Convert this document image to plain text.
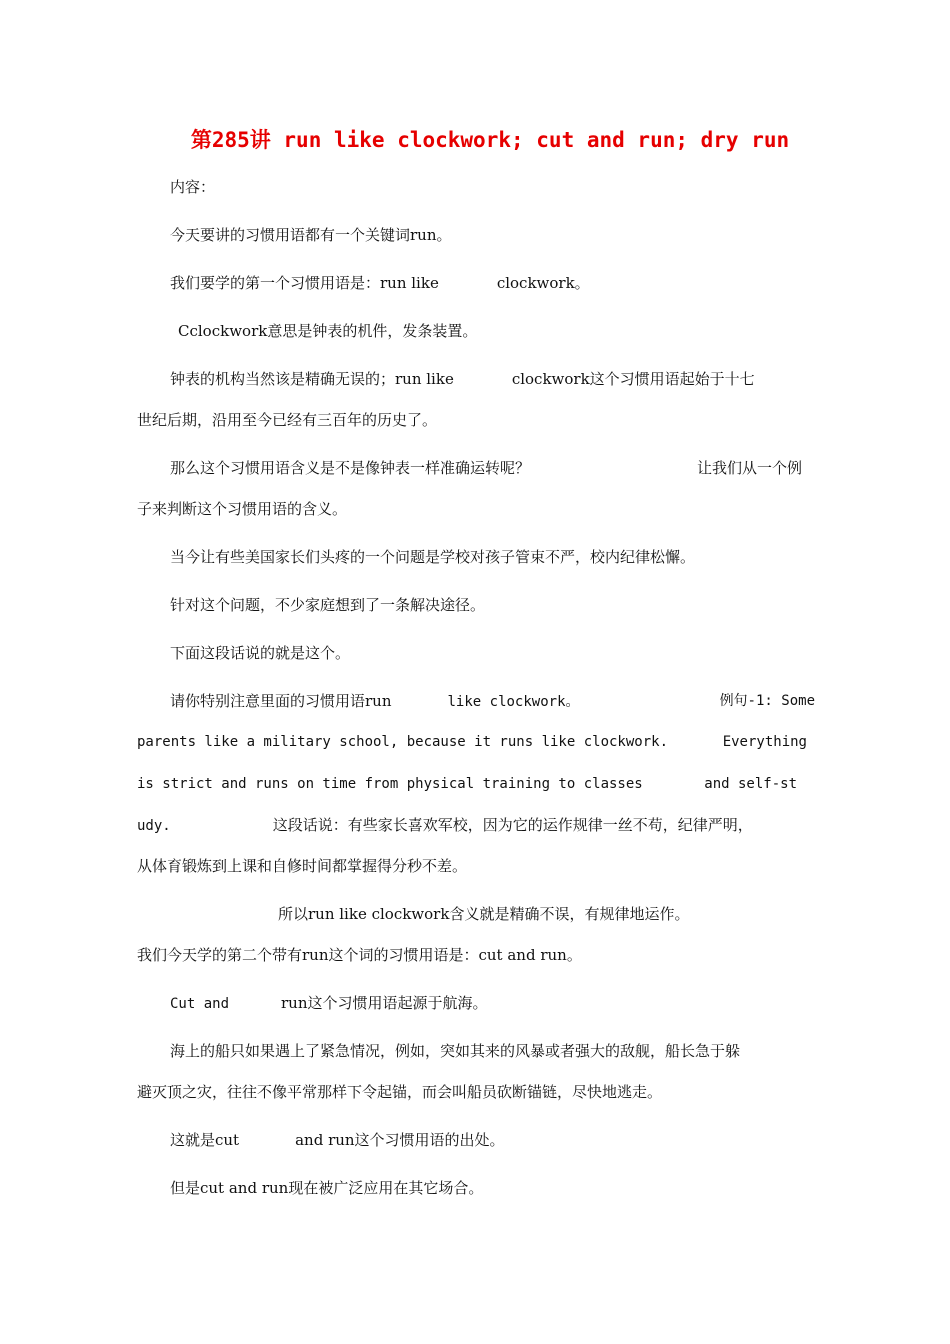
第285讲 run like clockwork; cut and run; dry run
内容：
今天要讲的习惯用语都有一个关键词run。
我们要学的第一个习惯用语是：run like	clockwork。
Cclockwork意思是钟表的机件，发条装置。
钟表的机构当然该是精确无误的；run like	clockwork这个习惯用语起始于十七
世纪后期，沿用至今已经有三百年的历史了。
那么这个习惯用语含义是不是像钟表一样准确运转呢？	让我们从一个例
子来判断这个习惯用语的含义。
当今让有些美国家长们头疼的一个问题是学校对孩子管束不严，校内纪律松懈。
针对这个问题，不少家庭想到了一条解决途径。
下面这段话说的就是这个。
请你特别注意里面的习惯用语run	like clockwork。	例句-1: Some
parents like a military school, because it runs like clockwork.	Everything
is strict and runs on time from physical training to classes	and self-st
udy.	这段话说：有些家长喜欢军校，因为它的运作规律一丝不苟，纪律严明，
从体育锻炼到上课和自修时间都掌握得分秒不差。
所以run like clockwork含义就是精确不误，有规律地运作。
我们今天学的第二个带有run这个词的习惯用语是：cut and run。
Cut and	run这个习惯用语起源于航海。
海上的船只如果遇上了紧急情况，例如，突如其来的风暴或者强大的敌舰，船长急于躲
避灭顶之灾，往往不像平常那样下令起锚，而会叫船员砍断锚链，尽快地逃走。
这就是cut	and run这个习惯用语的出处。
但是cut and run现在被广泛应用在其它场合。
